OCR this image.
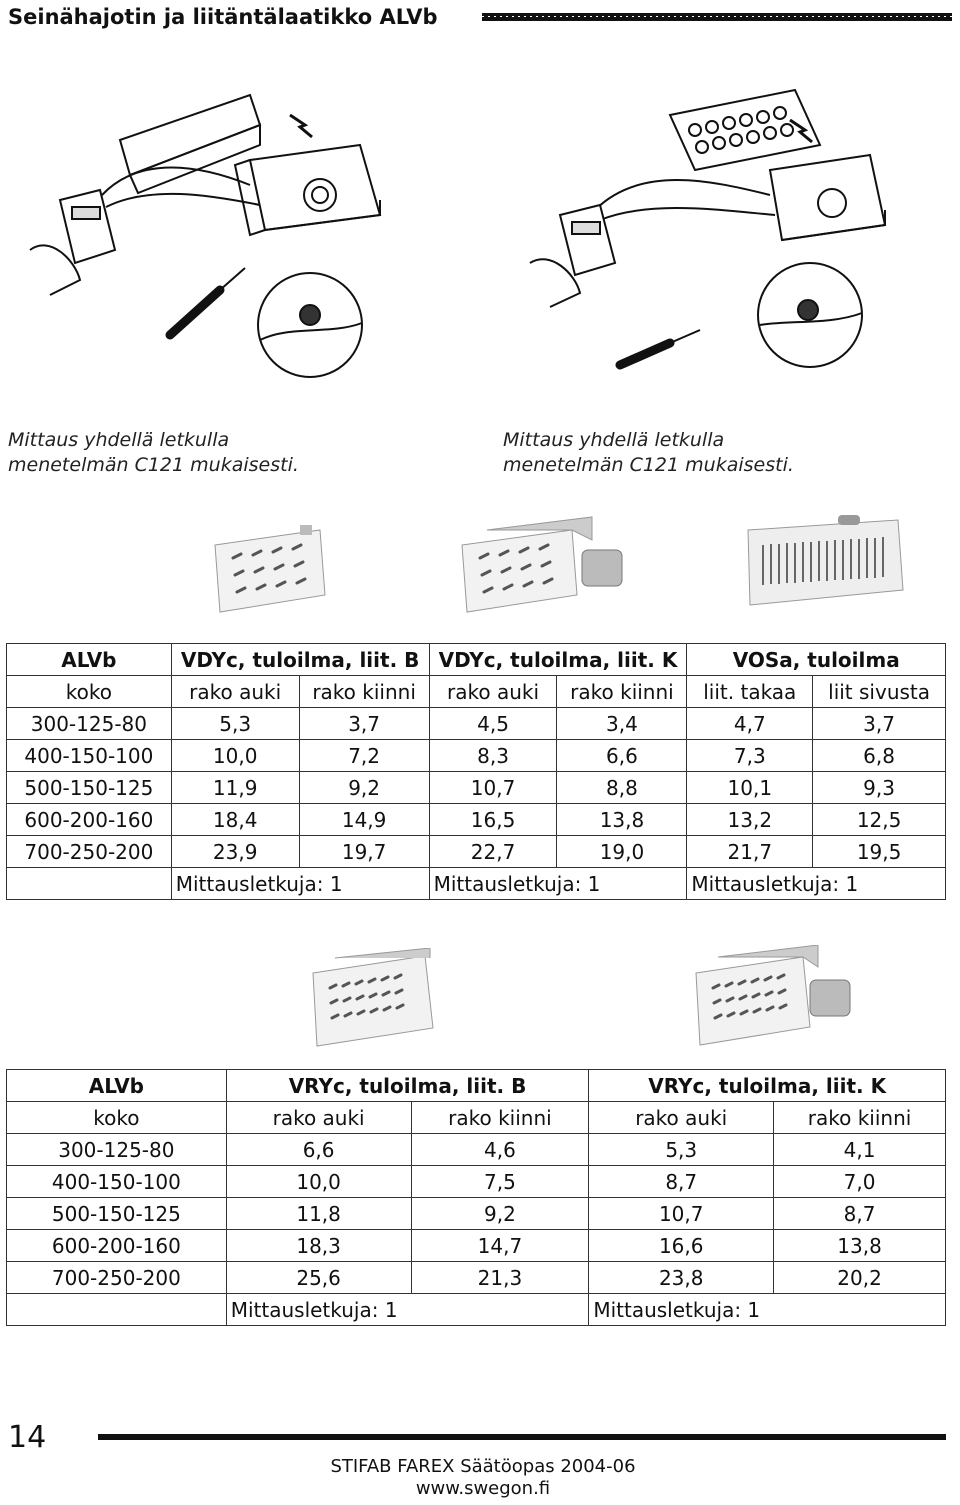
Seinähajotin ja liitäntälaatikko ALVb
Mittaus yhdellä letkulla
menetelmän C121 mukaisesti.
Mittaus yhdellä letkulla
menetelmän C121 mukaisesti.
ALVb	VDYc, tuloilma, liit. B		VDYc, tuloilma, liit. K		VOSa, tuloilma	
koko	rako auki	rako kiinni	rako auki	rako kiinni	liit. takaa	liit sivusta
300-125-80	5,3	3,7	4,5	3,4	4,7	3,7
400-150-100	10,0	7,2	8,3	6,6	7,3	6,8
500-150-125	11,9	9,2	10,7	8,8	10,1	9,3
600-200-160	18,4	14,9	16,5	13,8	13,2	12,5
700-250-200	23,9	19,7	22,7	19,0	21,7	19,5
	Mittausletkuja: 1		Mittausletkuja: 1		Mittausletkuja: 1	
ALVb	VRYc, tuloilma, liit. B		VRYc, tuloilma, liit. K	
koko	rako auki	rako kiinni	rako auki	rako kiinni
300-125-80	6,6	4,6	5,3	4,1
400-150-100	10,0	7,5	8,7	7,0
500-150-125	11,8	9,2	10,7	8,7
600-200-160	18,3	14,7	16,6	13,8
700-250-200	25,6	21,3	23,8	20,2
	Mittausletkuja: 1		Mittausletkuja: 1	
14
STIFAB FAREX Säätöopas 2004-06
www.swegon.fi
